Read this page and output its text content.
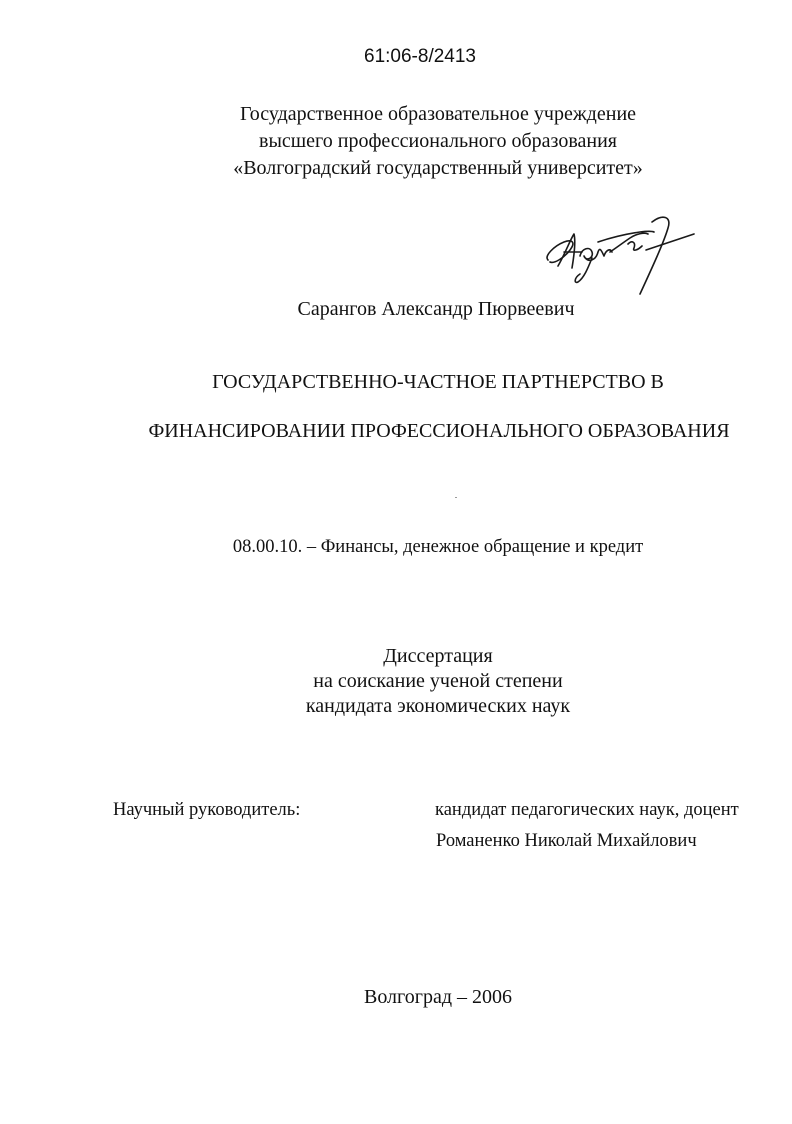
61:06-8/2413
Государственное образовательное учреждение
высшего профессионального образования
«Волгоградский государственный университет»
Сарангов Александр Пюрвеевич
ГОСУДАРСТВЕННО-ЧАСТНОЕ ПАРТНЕРСТВО В
ФИНАНСИРОВАНИИ ПРОФЕССИОНАЛЬНОГО ОБРАЗОВАНИЯ
08.00.10. – Финансы, денежное обращение и кредит
Диссертация
на соискание ученой степени
кандидата экономических наук
Научный руководитель:	кандидат педагогических наук, доцент
Романенко Николай Михайлович
Волгоград – 2006
